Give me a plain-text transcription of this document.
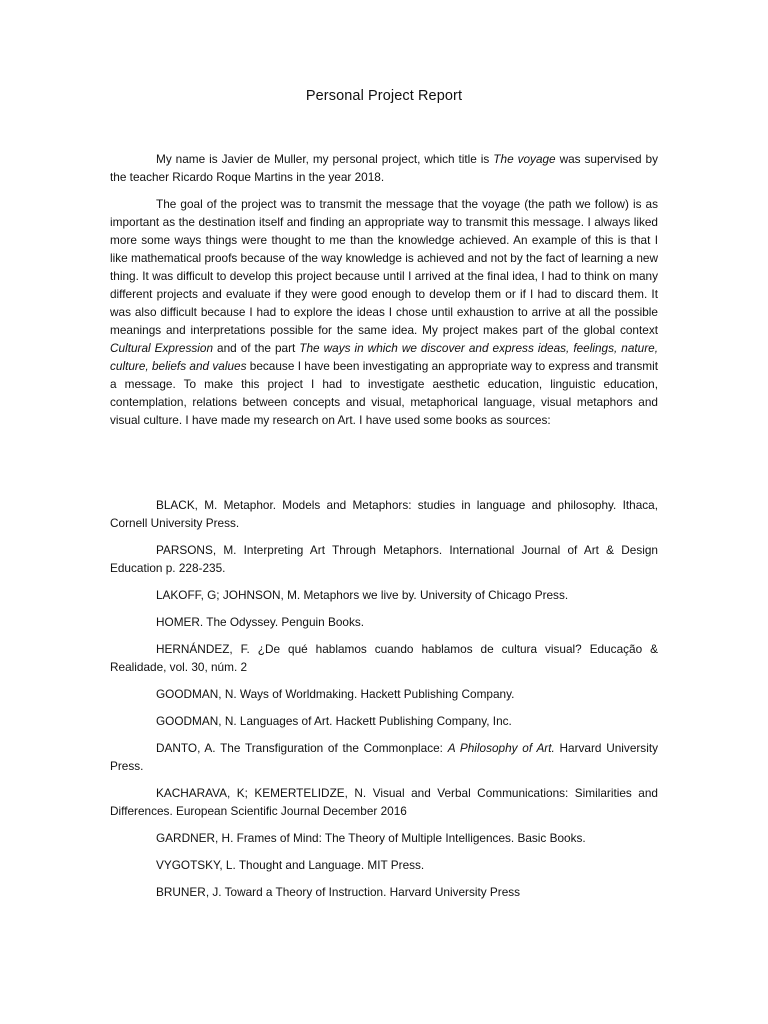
Personal Project Report

My name is Javier de Muller, my personal project, which title is The voyage was supervised by the teacher Ricardo Roque Martins in the year 2018.

The goal of the project was to transmit the message that the voyage (the path we follow) is as important as the destination itself and finding an appropriate way to transmit this message. I always liked more some ways things were thought to me than the knowledge achieved. An example of this is that I like mathematical proofs because of the way knowledge is achieved and not by the fact of learning a new thing. It was difficult to develop this project because until I arrived at the final idea, I had to think on many different projects and evaluate if they were good enough to develop them or if I had to discard them. It was also difficult because I had to explore the ideas I chose until exhaustion to arrive at all the possible meanings and interpretations possible for the same idea. My project makes part of the global context Cultural Expression and of the part The ways in which we discover and express ideas, feelings, nature, culture, beliefs and values because I have been investigating an appropriate way to express and transmit a message. To make this project I had to investigate aesthetic education, linguistic education, contemplation, relations between concepts and visual, metaphorical language, visual metaphors and visual culture. I have made my research on Art. I have used some books as sources:

BLACK, M. Metaphor. Models and Metaphors: studies in language and philosophy. Ithaca, Cornell University Press.

PARSONS, M. Interpreting Art Through Metaphors. International Journal of Art & Design Education p. 228-235.

LAKOFF, G; JOHNSON, M. Metaphors we live by. University of Chicago Press.

HOMER. The Odyssey. Penguin Books.

HERNÁNDEZ, F. ¿De qué hablamos cuando hablamos de cultura visual? Educação & Realidade, vol. 30, núm. 2

GOODMAN, N. Ways of Worldmaking. Hackett Publishing Company.

GOODMAN, N. Languages of Art. Hackett Publishing Company, Inc.

DANTO, A. The Transfiguration of the Commonplace: A Philosophy of Art. Harvard University Press.

KACHARAVA, K; KEMERTELIDZE, N. Visual and Verbal Communications: Similarities and Differences. European Scientific Journal December 2016

GARDNER, H. Frames of Mind: The Theory of Multiple Intelligences. Basic Books.

VYGOTSKY, L. Thought and Language. MIT Press.

BRUNER, J. Toward a Theory of Instruction. Harvard University Press
